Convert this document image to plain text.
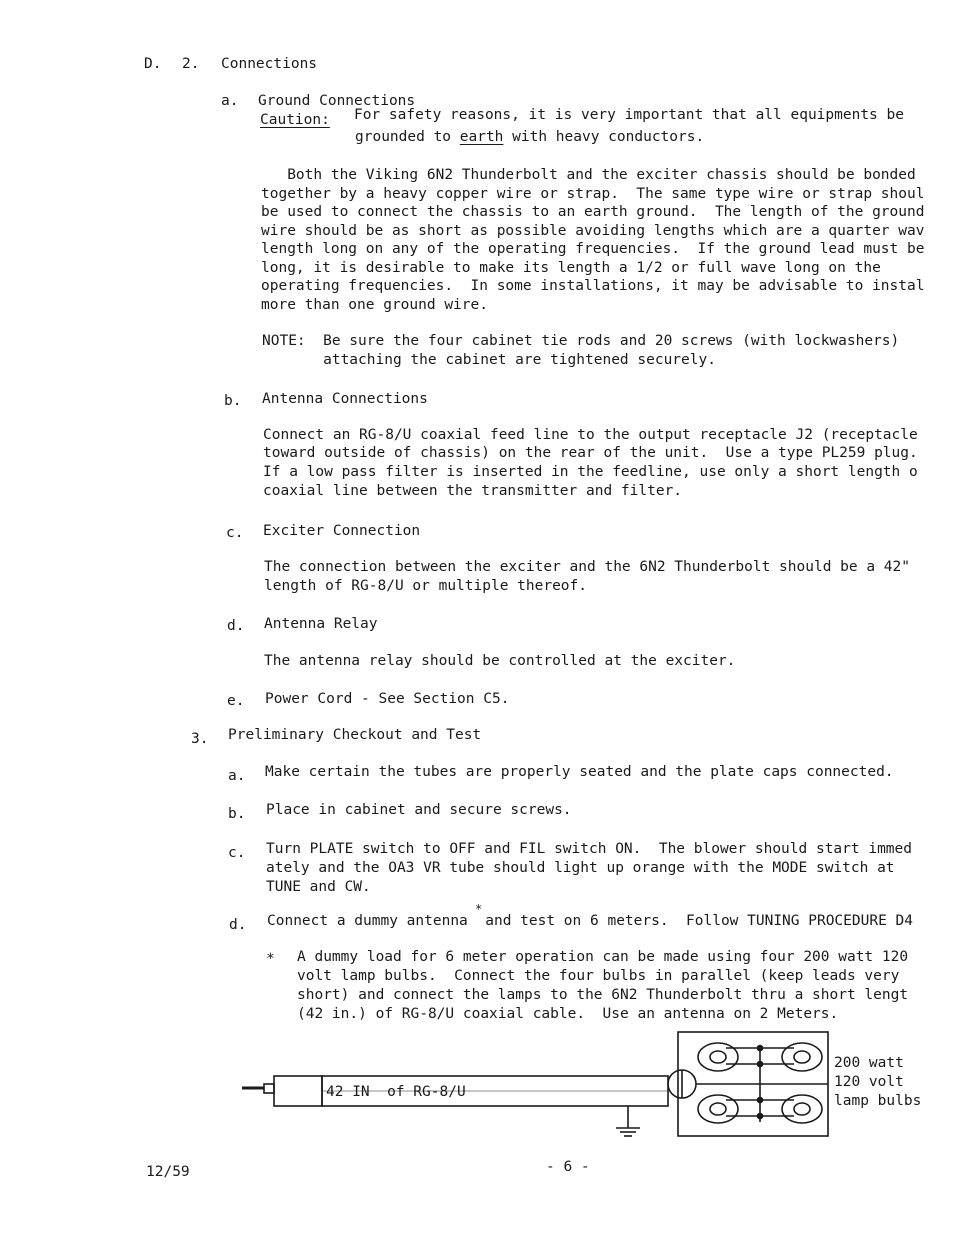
D. 2. Connections
a. Ground Connections
Caution: For safety reasons, it is very important that all equipments be
grounded to earth with heavy conductors.
Both the Viking 6N2 Thunderbolt and the exciter chassis should be bonded
together by a heavy copper wire or strap.  The same type wire or strap shoul
be used to connect the chassis to an earth ground.  The length of the ground
wire should be as short as possible avoiding lengths which are a quarter wav
length long on any of the operating frequencies.  If the ground lead must be
long, it is desirable to make its length a 1/2 or full wave long on the
operating frequencies.  In some installations, it may be advisable to instal
more than one ground wire.
NOTE:  Be sure the four cabinet tie rods and 20 screws (with lockwashers)
attaching the cabinet are tightened securely.
b. Antenna Connections
Connect an RG-8/U coaxial feed line to the output receptacle J2 (receptacle
toward outside of chassis) on the rear of the unit.  Use a type PL259 plug.
If a low pass filter is inserted in the feedline, use only a short length o
coaxial line between the transmitter and filter.
c. Exciter Connection
The connection between the exciter and the 6N2 Thunderbolt should be a 42"
length of RG-8/U or multiple thereof.
d. Antenna Relay
The antenna relay should be controlled at the exciter.
e. Power Cord - See Section C5.
3. Preliminary Checkout and Test
a. Make certain the tubes are properly seated and the plate caps connected.
b. Place in cabinet and secure screws.
c. Turn PLATE switch to OFF and FIL switch ON.  The blower should start immed
ately and the OA3 VR tube should light up orange with the MODE switch at
TUNE and CW.
d.
*
Connect a dummy antenna  and test on 6 meters.  Follow TUNING PROCEDURE D4
* A dummy load for 6 meter operation can be made using four 200 watt 120
volt lamp bulbs.  Connect the four bulbs in parallel (keep leads very
short) and connect the lamps to the 6N2 Thunderbolt thru a short lengt
(42 in.) of RG-8/U coaxial cable.  Use an antenna on 2 Meters.
42 IN  of RG-8/U
200 watt
120 volt
lamp bulbs
12/59	- 6 -
